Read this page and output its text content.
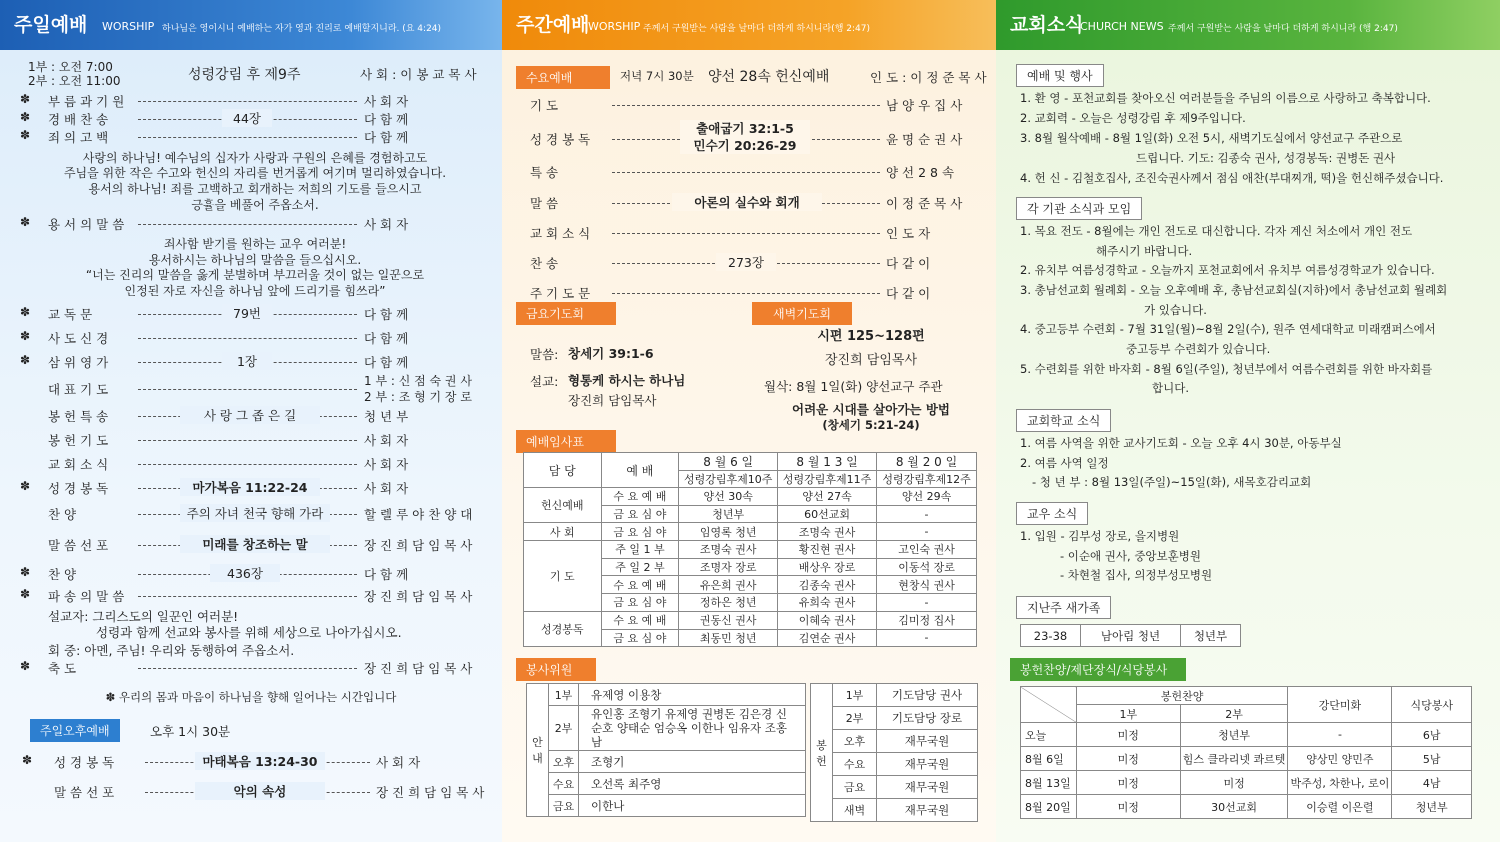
주일예배 WORSHIP 하나님은 영이시니 예배하는 자가 영과 진리로 예배할지니라. (요 4:24)
1부 : 오전 7:00
2부 : 오전 11:00	성령강림 후 제9주	사 회 : 이 봉 교 목 사
✽ 부 름 과 기 원	사 회 자
✽ 경 배 찬 송	44장	다 함 께
✽ 죄 의 고 백	다 함 께
사랑의 하나님! 예수님의 십자가 사랑과 구원의 은혜를 경험하고도
주님을 위한 작은 수고와 헌신의 자리를 번거롭게 여기며 멀리하였습니다.
용서의 하나님! 죄를 고백하고 회개하는 저희의 기도를 들으시고
긍휼을 베풀어 주옵소서.
✽ 용 서 의 말 씀	사 회 자
죄사함 받기를 원하는 교우 여러분!
용서하시는 하나님의 말씀을 들으십시오.
“너는 진리의 말씀을 옳게 분별하며 부끄러울 것이 없는 일꾼으로
인정된 자로 자신을 하나님 앞에 드리기를 힘쓰라”
✽ 교 독 문	79번	다 함 께
✽ 사 도 신 경	다 함 께
✽ 삼 위 영 가	1장	다 함 께
대 표 기 도
1 부 : 신 점 숙 권 사
2 부 : 조 형 기 장 로
봉 헌 특 송	사 랑 그 좁 은 길	청 년 부
봉 헌 기 도	사 회 자
교 회 소 식	사 회 자
✽ 성 경 봉 독	마가복음 11:22-24	사 회 자
찬 양	주의 자녀 천국 향해 가라	할 렐 루 야 찬 양 대
말 씀 선 포	미래를 창조하는 말	장 진 희 담 임 목 사
✽ 찬 양	436장	다 함 께
✽ 파 송 의 말 씀	장 진 희 담 임 목 사
설교자: 그리스도의 일꾼인 여러분!
성령과 함께 선교와 봉사를 위해 세상으로 나아가십시오.
회 중: 아멘, 주님! 우리와 동행하여 주옵소서.
✽ 축 도	장 진 희 담 임 목 사
✽ 우리의 몸과 마음이 하나님을 향해 일어나는 시간입니다
주일오후예배	오후 1시 30분
✽ 성 경 봉 독	마태복음 13:24-30	사 회 자
말 씀 선 포	악의 속성	장 진 희 담 임 목 사
주간예배
WORSHIP 주께서 구원받는 사람을 날마다 더하게 하시니라(행 2:47)
수요예배	저녁 7시 30분 양선 28속 헌신예배	인 도 : 이 정 준 목 사
기 도	남 양 우 집 사
성 경 봉 독	윤 명 순 권 사
특 송	양 선 2 8 속
말 씀	아론의 실수와 회개	이 정 준 목 사
교 회 소 식	인 도 자
찬 송	273장	다 같 이
주 기 도 문	다 같 이
출애굽기 32:1-5
민수기 20:26-29
금요기도회	새벽기도회
말씀: 창세기 39:1-6
설교: 형통케 하시는 하나님
장진희 담임목사
시편 125~128편
장진희 담임목사
월삭: 8월 1일(화) 양선교구 주관
어려운 시대를 살아가는 방법
(창세기 5:21-24)
예배임사표
담 당	예 배	8 월 6 일	8 월 1 3 일	8 월 2 0 일
		성령강림후제10주	성령강림후제11주	성령강림후제12주
헌신예배	수 요 예 배	양선 30속	양선 27속	양선 29속
	금 요 심 야	청년부	60선교회	-
사 회	금 요 심 야	임영록 청년	조명숙 권사	-
기 도	주 일 1 부	조명숙 권사	황진현 권사	고인숙 권사
	주 일 2 부	조명자 장로	배상우 장로	이동석 장로
	수 요 예 배	유은희 권사	김종숙 권사	현창식 권사
	금 요 심 야	정하은 청년	유희숙 권사	-
성경봉독	수 요 예 배	권동신 권사	이혜숙 권사	김미정 집사
	금 요 심 야	최동민 청년	김연순 권사	-
봉사위원
안 내	1부	유제영 이용창
	2부	유인홍 조형기 유제영 권병돈 김은경 신순호 양태순 엄승옥 이한나 임유자 조홍남
	오후	조형기
	수요	오선록 최주영
	금요	이한나
봉 헌	1부	기도담당 권사
	2부	기도담당 장로
	오후	재무국원
	수요	재무국원
	금요	재무국원
	새벽	재무국원
교회소식
CHURCH NEWS 주께서 구원받는 사람을 날마다 더하게 하시니라 (행 2:47)
예배 및 행사
1. 환 영 - 포천교회를 찾아오신 여러분들을 주님의 이름으로 사랑하고 축복합니다.
2. 교회력 - 오늘은 성령강림 후 제9주입니다.
3. 8월 월삭예배 - 8월 1일(화) 오전 5시, 새벽기도실에서 양선교구 주관으로
드립니다. 기도: 김종숙 권사, 성경봉독: 권병돈 권사
4. 헌 신 - 김철호집사, 조진숙권사께서 점심 애찬(부대찌개, 떡)을 헌신해주셨습니다.
각 기관 소식과 모임
1. 목요 전도 - 8월에는 개인 전도로 대신합니다. 각자 계신 처소에서 개인 전도
해주시기 바랍니다.
2. 유치부 여름성경학교 - 오늘까지 포천교회에서 유치부 여름성경학교가 있습니다.
3. 총남선교회 월례회 - 오늘 오후예배 후, 총남선교회실(지하)에서 총남선교회 월례회
가 있습니다.
4. 중고등부 수련회 - 7월 31일(월)~8월 2일(수), 원주 연세대학교 미래캠퍼스에서
중고등부 수련회가 있습니다.
5. 수련회를 위한 바자회 - 8월 6일(주일), 청년부에서 여름수련회를 위한 바자회를
합니다.
교회학교 소식
1. 여름 사역을 위한 교사기도회 - 오늘 오후 4시 30분, 아동부실
2. 여름 사역 일정
- 청 년 부 : 8월 13일(주일)~15일(화), 새목호감리교회
교우 소식
1. 입원 - 김부성 장로, 을지병원
- 이순애 권사, 중앙보훈병원
- 차현철 집사, 의정부성모병원
지난주 새가족
23-38	남아림 청년	청년부
봉헌찬양/제단장식/식당봉사
	봉헌찬양		강단미화	식당봉사
	1부	2부		
오늘	미정	청년부	-	6남
8월 6일	미정	힘스 클라리넷 콰르텟	양상민 양민주	5남
8월 13일	미정	미정	박주성, 차한나, 로이	4남
8월 20일	미정	30선교회	이승렬 이은렬	청년부
